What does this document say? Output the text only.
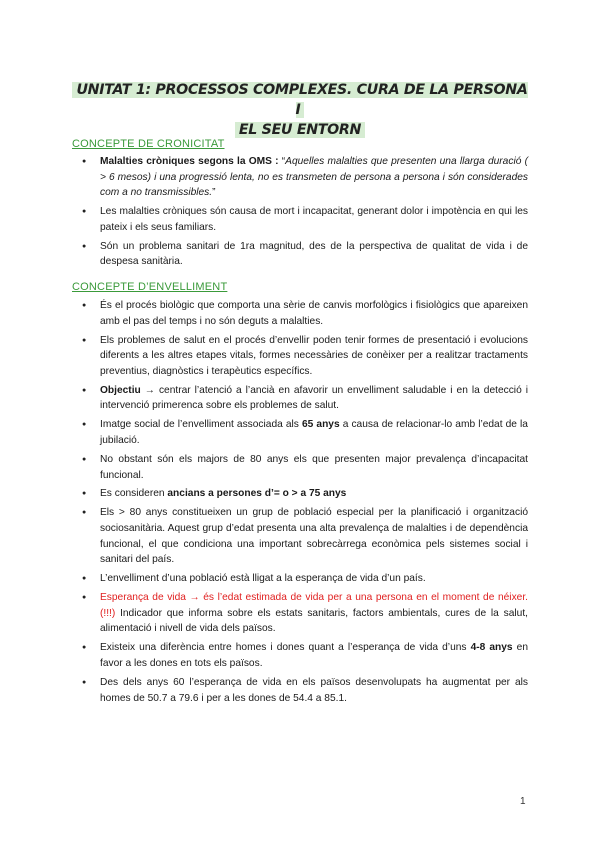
UNITAT 1: PROCESSOS COMPLEXES. CURA DE LA PERSONA I
EL SEU ENTORN
CONCEPTE DE CRONICITAT
● Malalties cròniques segons la OMS : “Aquelles malalties que presenten una llarga duració ( > 6 mesos) i una progressió lenta, no es transmeten de persona a persona i són considerades com a no transmissibles.”
● Les malalties cròniques són causa de mort i incapacitat, generant dolor i impotència en qui les pateix i els seus familiars.
● Són un problema sanitari de 1ra magnitud, des de la perspectiva de qualitat de vida i de despesa sanitària.
CONCEPTE D’ENVELLIMENT
● És el procés biològic que comporta una sèrie de canvis morfològics i fisiològics que apareixen amb el pas del temps i no són deguts a malalties.
● Els problemes de salut en el procés d’envellir poden tenir formes de presentació i evolucions diferents a les altres etapes vitals, formes necessàries de conèixer per a realitzar tractaments preventius, diagnòstics i terapèutics específics.
● Objectiu → centrar l’atenció a l’ancià en afavorir un envelliment saludable i en la detecció i intervenció primerenca sobre els problemes de salut.
● Imatge social de l’envelliment associada als 65 anys a causa de relacionar-lo amb l’edat de la jubilació.
● No obstant són els majors de 80 anys els que presenten major prevalença d’incapacitat funcional.
● Es consideren ancians a persones d’= o > a 75 anys
● Els > 80 anys constitueixen un grup de població especial per la planificació i organització sociosanitària. Aquest grup d’edat presenta una alta prevalença de malalties i de dependència funcional, el que condiciona una important sobrecàrrega econòmica pels sistemes social i sanitari del país.
● L’envelliment d’una població està lligat a la esperança de vida d’un país.
● Esperança de vida → és l’edat estimada de vida per a una persona en el moment de néixer. (!!!) Indicador que informa sobre els estats sanitaris, factors ambientals, cures de la salut, alimentació i nivell de vida dels països.
● Existeix una diferència entre homes i dones quant a l’esperança de vida d’uns 4-8 anys en favor a les dones en tots els països.
● Des dels anys 60 l’esperança de vida en els països desenvolupats ha augmentat per als homes de 50.7 a 79.6 i per a les dones de 54.4 a 85.1.
1
